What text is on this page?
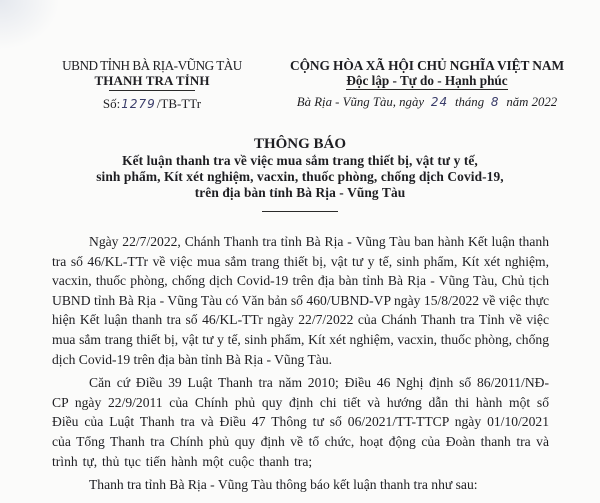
UBND TỈNH BÀ RỊA-VŨNG TÀU
THANH TRA TỈNH
Số:1279/TB-TTr
CỘNG HÒA XÃ HỘI CHỦ NGHĨA VIỆT NAM
Độc lập - Tự do - Hạnh phúc
Bà Rịa - Vũng Tàu, ngày 24 tháng 8 năm 2022
THÔNG BÁO
Kết luận thanh tra về việc mua sắm trang thiết bị, vật tư y tế,
sinh phẩm, Kít xét nghiệm, vacxin, thuốc phòng, chống dịch Covid-19,
trên địa bàn tỉnh Bà Rịa - Vũng Tàu

Ngày 22/7/2022, Chánh Thanh tra tỉnh Bà Rịa - Vũng Tàu ban hành Kết luận thanh tra số 46/KL-TTr về việc mua sắm trang thiết bị, vật tư y tế, sinh phẩm, Kít xét nghiệm, vacxin, thuốc phòng, chống dịch Covid-19 trên địa bàn tỉnh Bà Rịa - Vũng Tàu, Chủ tịch UBND tỉnh Bà Rịa - Vũng Tàu có Văn bản số 460/UBND-VP ngày 15/8/2022 về việc thực hiện Kết luận thanh tra số 46/KL-TTr ngày 22/7/2022 của Chánh Thanh tra Tỉnh về việc mua sắm trang thiết bị, vật tư y tế, sinh phẩm, Kít xét nghiệm, vacxin, thuốc phòng, chống dịch Covid-19 trên địa bàn tỉnh Bà Rịa - Vũng Tàu.

Căn cứ Điều 39 Luật Thanh tra năm 2010; Điều 46 Nghị định số 86/2011/NĐ-CP ngày 22/9/2011 của Chính phủ quy định chi tiết và hướng dẫn thi hành một số Điều của Luật Thanh tra và Điều 47 Thông tư số 06/2021/TT-TTCP ngày 01/10/2021 của Tổng Thanh tra Chính phủ quy định về tổ chức, hoạt động của Đoàn thanh tra và trình tự, thủ tục tiến hành một cuộc thanh tra;

Thanh tra tỉnh Bà Rịa - Vũng Tàu thông báo kết luận thanh tra như sau:
